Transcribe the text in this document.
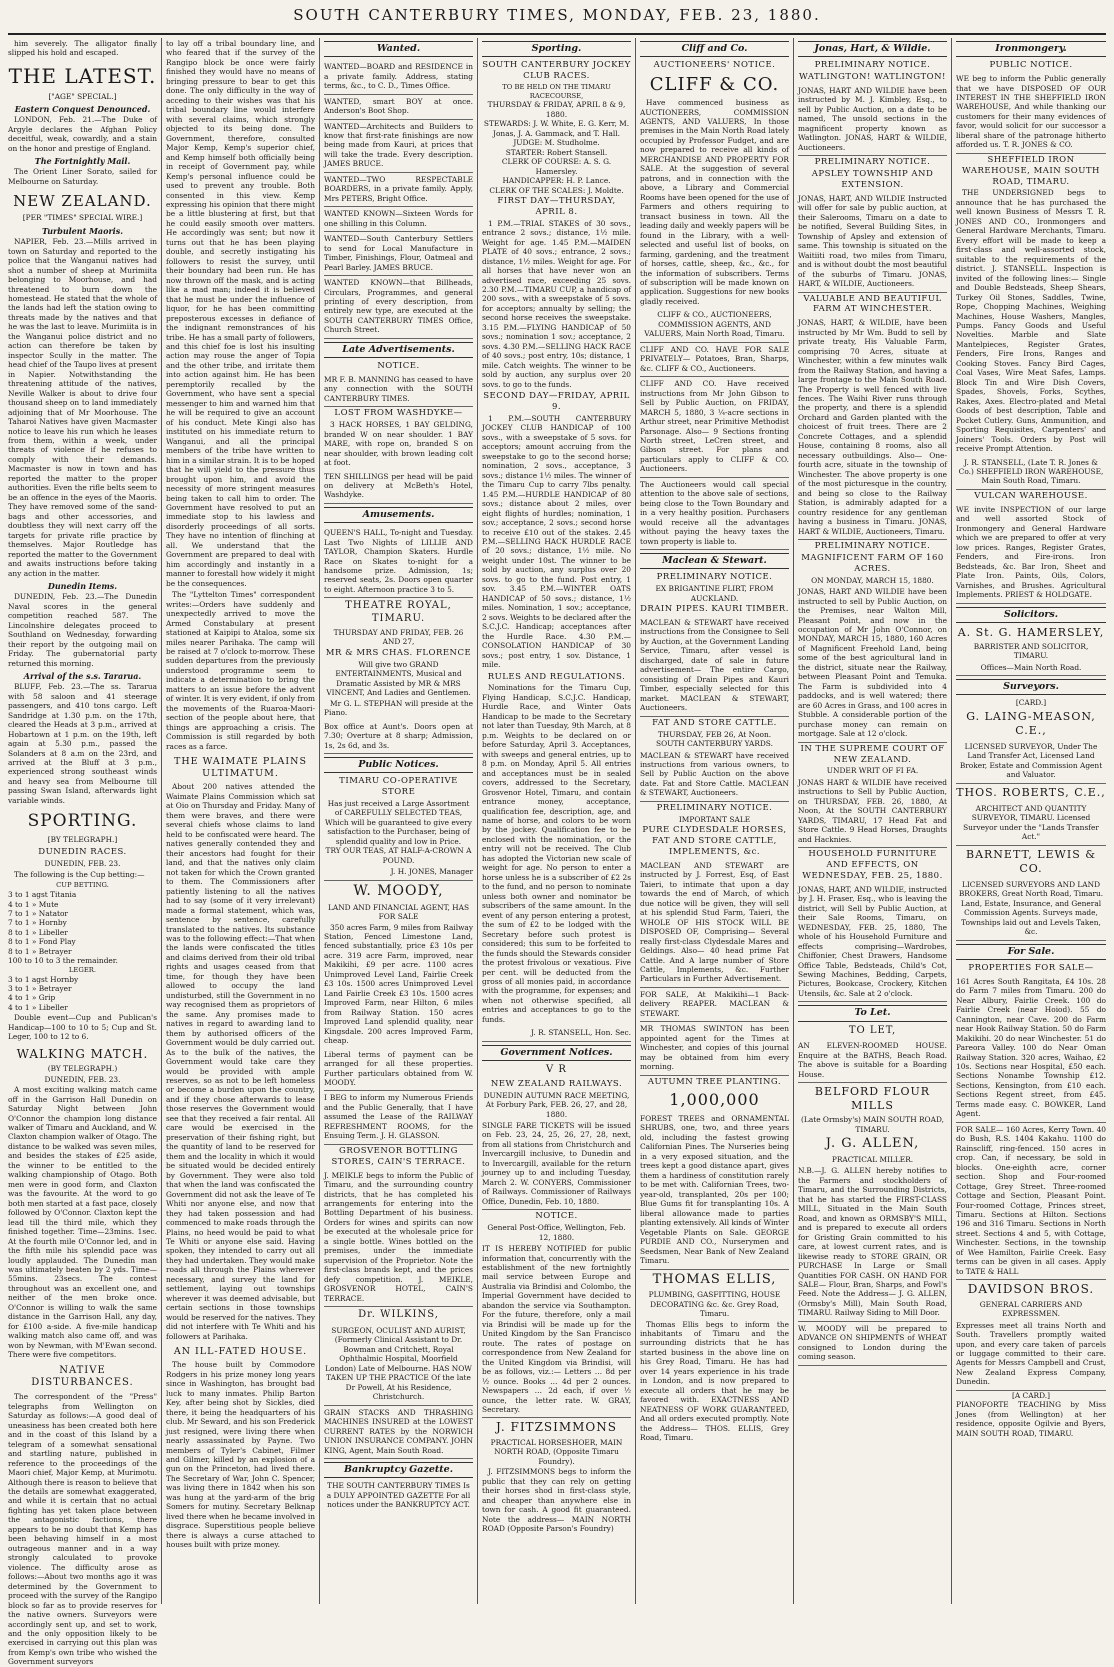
SOUTH CANTERBURY TIMES, MONDAY, FEB. 23, 1880.

him severely. The alligator finally slipped his hold and escaped.

THE LATEST.
["AGE" SPECIAL.]
Eastern Conquest Denounced.

LONDON, Feb. 21.—The Duke of Argyle declares the Afghan Policy deceitful, weak, cowardly, and a stain on the honor and prestige of England.

The Fortnightly Mail.

The Orient Liner Sorato, sailed for Melbourne on Saturday.

NEW ZEALAND.
[PER "TIMES" SPECIAL WIRE.]
Turbulent Maoris.

NAPIER, Feb. 23.—Mills arrived in town on Saturday and reported to the police that the Wanganui natives had shot a number of sheep at Murimiita belonging to Moorhouse, and had threatened to burn down the homestead. He stated that the whole of the lands had left the station owing to threats made by the natives and that he was the last to leave. Murimiita is in the Wanganui police district and no action can therefore be taken by inspector Scully in the matter. The head chief of the Taupo lives at present in Napier. Notwithstanding the threatening attitude of the natives, Neville Walker is about to drive four thousand sheep on to land immediately adjoining that of Mr Moorhouse. The Taharoi Natives have given Macmaster notice to leave his run which he leases from them, within a week, under threats of violence if he refuses to comply with their demands. Macmaster is now in town and has reported the matter to the proper authorities. Even the rifle belts seem to be an offence in the eyes of the Maoris. They have removed some of the sand-bags and other accessories, and doubtless they will next carry off the targets for private rifle practice by themselves. Major Routledge has reported the matter to the Government and awaits instructions before taking any action in the matter.

Dunedin Items.

DUNEDIN, Feb. 23.—The Dunedin Naval scores in the general competition reached 587. The Lincolnshire delegates proceed to Southland on Wednesday, forwarding their report by the outgoing mail on Friday. The gubernatorial party returned this morning.

Arrival of the s.s. Tararua.

BLUFF, Feb. 23.—The ss. Tararua with 58 saloon and 41 steerage passengers, and 410 tons cargo. Left Sandridge at 1.30 p.m. on the 17th, cleared the Heads at 3 p.m., arrived at Hobartown at 1 p.m. on the 19th, left again at 5.30 p.m., passed the Solanders at 8 a.m on the 23rd, and arrived at the Bluff at 3 p.m., experienced strong southeast winds and heavy sea from Melbourne till passing Swan Island, afterwards light variable winds.

SPORTING.
[BY TELEGRAPH.]
DUNEDIN RACES.
DUNEDIN, FEB. 23.

The following is the Cup betting:—

CUP BETTING.
3 to 1 agst Titania
4 to 1 » Mute
7 to 1 » Natator
7 to 1 » Hornby
8 to 1 » Libeller
8 to 1 » Fond Play
8 to 1 » Betrayer
100 to 10 to 3 the remainder.
LEGER.
3 to 1 agst Hornby
3 to 1 » Betrayer
4 to 1 » Grip
4 to 1 » Libeller

Double event—Cup and Publican's Handicap—100 to 10 to 5; Cup and St. Leger, 100 to 12 to 6.

WALKING MATCH.
(BY TELEGRAPH.)
DUNEDIN, FEB. 23.

A most exciting walking match came off in the Garrison Hall Dunedin on Saturday Night between John O'Connor the champion long distance walker of Timaru and Auckland, and W. Claxton champion walker of Otago. The distance to be walked was seven miles, and besides the stakes of £25 aside, the winner to be entitled to the walking championship of Otago. Both men were in good form, and Claxton was the favourite. At the word to go both men started at a fast pace, closely followed by O'Connor. Claxton kept the lead till the third mile, which they finished together. Time—23mins. 1sec. At the fourth mile O'Connor led, and in the fifth mile his splendid pace was loudly applauded. The Dunedin man was ultimately beaten by 2 yds. Time—55mins. 23secs. The contest throughout was an excellent one, and neither of the men broke once. O'Connor is willing to walk the same distance in the Garrison Hall, any day, for £100 a-side. A five-mile handicap walking match also came off, and was won by Newman, with M'Ewan second. There were five competitors.

NATIVE DISTURBANCES.

The correspondent of the "Press" telegraphs from Wellington on Saturday as follows:—A good deal of uneasiness has been created both here and in the coast of this Island by a telegram of a somewhat sensational and startling nature, published in reference to the proceedings of the Maori chief, Major Kemp, at Murimotu. Although there is reason to believe that the details are somewhat exaggerated, and while it is certain that no actual fighting has yet taken place between the antagonistic factions, there appears to be no doubt that Kemp has been behaving himself in a most outrageous manner and in a way strongly calculated to provoke violence. The difficulty arose as follows:—About two months ago it was determined by the Government to proceed with the survey of the Rangipo block so far as to provide reserves for the native owners. Surveyors were accordingly sent up, and set to work, and the only opposition likely to be exercised in carrying out this plan was from Kemp's own tribe who wished the Government surveyors

to lay off a tribal boundary line, and who feared that if the survey of the Rangipo block be once were fairly finished they would have no means of bringing pressure to bear to get this done. The only difficulty in the way of acceding to their wishes was that his tribal boundary line would interfere with several claims, which strongly objected to its being done. The Government, therefore, consulted Major Kemp, Kemp's superior chief, and Kemp himself both officially being in receipt of Government pay, while Kemp's personal influence could be used to prevent any trouble. Both consented in this view. Kemp expressing his opinion that there might be a little blustering at first, but that he could easily smooth over matters. He accordingly was sent; but now it turns out that he has been playing double, and secretly instigating his followers to resist the survey, until their boundary had been run. He has now thrown off the mask, and is acting like a mad man; indeed it is believed that he must be under the influence of liquor, for he has been committing preposterous excesses in defiance of the indignant remonstrances of his tribe. He has a small party of followers, and this chief foe is lost his insulting action may rouse the anger of Topia and the other tribe, and irritate them into action against him. He has been peremptorily recalled by the Government, who have sent a special messenger to him and warned him that he will be required to give an account of his conduct. Mete Kingi also has instituted on his immediate return to Wanganui, and all the principal members of the tribe have written to him in a similar strain. It is to be hoped that he will yield to the pressure thus brought upon him, and avoid the necessity of more stringent measures being taken to call him to order. The Government have resolved to put an immediate stop to his lawless and disorderly proceedings of all sorts. They have no intention of flinching at all. We understand that the Government are prepared to deal with him accordingly and instantly in a manner to forestall how widely it might be the consequences.

The "Lyttelton Times" correspondent writes:—Orders have suddenly and unexpectedly arrived to move the Armed Constabulary at present stationed at Kaipipi to Ataloa, some six miles nearer Parihaka. The camp will be raised at 7 o'clock to-morrow. These sudden departures from the previously understood programme seem to indicate a determination to bring the matters to an issue before the advent of winter. It is very evident, if only from the movements of the Ruaroa-Maori-section of the people about here, that things are approaching a crisis. The Commission is still regarded by both races as a farce.

THE WAIMATE PLAINS ULTIMATUM.

About 200 natives attended the Waimate Plains Commission which sat at Oio on Thursday and Friday. Many of them were braves, and there were several chiefs whose claims to land held to be confiscated were heard. The natives generally contended they and their ancestors had fought for their land, and that the natives only claim not taken for which the Crown granted to them. The Commissioners after patiently listening to all the natives had to say (some of it very irrelevant) made a formal statement, which was, sentence by sentence, carefully translated to the natives. Its substance was to the following effect:—That when the lands were confiscated the titles and claims derived from their old tribal rights and usages ceased from that time, for though they have been allowed to occupy the land undisturbed, still the Government in no way recognised them as proprietors of the same. Any promises made to natives in regard to awarding land to them by authorised officers of the Government would be duly carried out. As to the bulk of the natives, the Government would take care they would be provided with ample reserves, so as not to be left homeless or become a burden upon the country, and if they chose afterwards to lease those reserves the Government would see that they received a fair rental. All care would be exercised in the preservation of their fishing right, but the quantity of land to be reserved for them and the locality in which it would be situated would be decided entirely by Government. They were also told that when the land was confiscated the Government did not ask the leave of Te Whiti nor anyone else, and now that they had taken possession and had commenced to make roads through the Plains, no heed would be paid to what Te Whiti or anyone else said. Having spoken, they intended to carry out all they had undertaken. They would make roads all through the Plains wherever necessary, and survey the land for settlement, laying out townships wherever it was deemed advisable, but certain sections in those townships would be reserved for the natives. They did not interfere with Te Whiti and his followers at Parihaka.

AN ILL-FATED HOUSE.

The house built by Commodore Rodgers in his prize money long years since in Washington, has brought bad luck to many inmates. Philip Barton Key, after being shot by Sickles, died there, it being the headquarters of his club. Mr Seward, and his son Frederick just resigned, were living there when nearly assassinated by Payne. Two members of Tyler's Cabinet, Filmer and Gilmer, killed by an explosion of a gun on the Princeton, had lived there. The Secretary of War, John C. Spencer, was living there in 1842 when his son was hung at the yard-arm of the brig Somers for mutiny. Secretary Belknap lived there when he became involved in disgrace. Superstitious people believe there is always a curse attached to houses built with prize money.

Wanted.
WANTED—BOARD and RESIDENCE in a private family. Address, stating terms, &c., to C. D., Times Office.
WANTED, smart BOY at once. Anderson's Boot Shop.
WANTED—Architects and Builders to know that first-rate finishings are now being made from Kauri, at prices that will take the trade. Every description. JAMES BRUCE.
WANTED—TWO RESPECTABLE BOARDERS, in a private family. Apply, Mrs PETERS, Bright Office.
WANTED KNOWN—Sixteen Words for one shilling in this Column.
WANTED—South Canterbury Settlers to send for Local Manufacture in Timber, Finishings, Flour, Oatmeal and Pearl Barley. JAMES BRUCE.
WANTED KNOWN—that Billheads, Circulars, Programmes, and general printing of every description, from entirely new type, are executed at the SOUTH CANTERBURY TIMES Office, Church Street.
Late Advertisements.
NOTICE.
MR F. B. MANNING has ceased to have any connection with the SOUTH CANTERBURY TIMES.
LOST FROM WASHDYKE—

3 HACK HORSES, 1 BAY GELDING, branded W on near shoulder. 1 BAY MARE, with rope on, branded S on near shoulder, with brown leading colt at foot.

TEN SHILLINGS per head will be paid on delivery at McBeth's Hotel, Washdyke.
Amusements.
QUEEN'S HALL, To-night and Tuesday. Last Two Nights of LILLIE AND TAYLOR, Champion Skaters. Hurdle Race on Skates to-night for a handsome prize. Admission, 1s; reserved seats, 2s. Doors open quarter to eight. Afternoon practice 3 to 5.
THEATRE ROYAL, TIMARU.
THURSDAY AND FRIDAY, FEB. 26 AND 27,
MR & MRS CHAS. FLORENCE
Will give two GRAND ENTERTAINMENTS, Musical and Dramatic Assisted by MR & MRS VINCENT, And Ladies and Gentlemen.

Mr G. L. STEPHAN will preside at the Piano.

Box office at Aunt's. Doors open at 7.30; Overture at 8 sharp; Admission, 1s, 2s 6d, and 3s.
Public Notices.
TIMARU CO-OPERATIVE STORE
Has just received a Large Assortment of CAREFULLY SELECTED TEAS, Which will be guaranteed to give every satisfaction to the Purchaser, being of splendid quality and low in Price.
TRY OUR TEAS, AT HALF-A-CROWN A POUND.
J. H. JONES, Manager
W. MOODY,
LAND AND FINANCIAL AGENT, HAS FOR SALE

350 acres Farm, 9 miles from Railway Station, Fenced Limestone Land, fenced substantially, price £3 10s per acre. 319 acre Farm, improved, near Makikihi, £9 per acre. 1100 acres Unimproved Level Land, Fairlie Creek £3 10s. 1500 acres Unimproved Level Land Fairlie Creek £3 10s. 1500 acres Improved Farm, near Hilton, 6 miles from Railway Station. 150 acres Improved Land splendid quality, near Kingsdale. 200 acres Improved Farm, cheap.

Liberal terms of payment can be arranged for all these properties. Further particulars obtained from W. MOODY.
I BEG to inform my Numerous Friends and the Public Generally, that I have assumed the Lease of the RAILWAY REFRESHMENT ROOMS, for the Ensuing Term. J. H. GLASSON.
GROSVENOR BOTTLING STORES, CAIN'S TERRACE.
J. MEIKLE begs to inform the Public of Timaru, and the surrounding country districts, that he has completed his arrangements for entering into the Bottling Department of his business. Orders for wines and spirits can now be executed at the wholesale price for a single bottle. Wines bottled on the premises, under the immediate supervision of the Proprietor. Note the first-class brands kept, and the prices defy competition. J. MEIKLE, GROSVENOR HOTEL, CAIN'S TERRACE.
Dr. WILKINS,
SURGEON, OCULIST AND AURIST, (Formerly Clinical Assistant to Dr. Bowman and Critchett, Royal Ophthalmic Hospital, Moorfield London) Late of Melbourne. HAS NOW TAKEN UP THE PRACTICE Of the late Dr Powell, At his Residence, Christchurch.
GRAIN STACKS AND THRASHING MACHINES INSURED at the LOWEST CURRENT RATES by the NORWICH UNION INSURANCE COMPANY. JOHN KING, Agent, Main South Road.
Bankruptcy Gazette.
THE SOUTH CANTERBURY TIMES Is a DULY APPOINTED GAZETTE For all notices under the BANKRUPTCY ACT.
Sporting.
SOUTH CANTERBURY JOCKEY CLUB RACES.
TO BE HELD ON THE TIMARU RACECOURSE,
THURSDAY & FRIDAY, APRIL 8 & 9, 1880.
STEWARDS: J. W. White, E. G. Kerr, M. Jonas, J. A. Gammack, and T. Hall.
JUDGE: M. Studholme.
STARTER: Robert Stansell.
CLERK OF COURSE: A. S. G. Hamersley.
HANDICAPPER: H. P. Lance.
CLERK OF THE SCALES: J. Moldte.
FIRST DAY—THURSDAY, APRIL 8.

1 P.M.—TRIAL STAKES of 30 sovs., entrance 2 sovs.; distance, 1½ mile. Weight for age. 1.45 P.M.—MAIDEN PLATE of 40 sovs.; entrance, 2 sovs.; distance, 1½ miles. Weight for age. For all horses that have never won an advertised race, exceeding 25 sovs. 2.30 P.M.—TIMARU CUP, a handicap of 200 sovs., with a sweepstake of 5 sovs. for acceptors; annualty by selling; the second horse receives the sweepstake. 3.15 P.M.—FLYING HANDICAP of 50 sovs.; nomination 1 sov.; acceptance, 2 sovs. 4.30 P.M.—SELLING HACK RACE of 40 sovs.; post entry, 10s; distance, 1 mile. Catch weights. The winner to be sold by auction, any surplus over 20 sovs. to go to the funds.

SECOND DAY—FRIDAY, APRIL 9.

1 P.M.—SOUTH CANTERBURY JOCKEY CLUB HANDICAP of 100 sovs., with a sweepstake of 5 sovs. for acceptors; amount accruing from the sweepstake to go to the second horse; nomination, 2 sovs., acceptance, 3 sovs.; distance 1½ miles. The winner of the Timaru Cup to carry 7lbs penalty. 1.45 P.M.—HURDLE HANDICAP of 80 sovs.; distance about 2 miles, over eight flights of hurdles; nomination, 1 sov.; acceptance, 2 sovs.; second horse to receive £10 out of the stakes. 2.45 P.M.—SELLING HACK HURDLE RACE of 20 sovs.; distance, 1½ mile. No weight under 10st. The winner to be sold by auction, any surplus over 20 sovs. to go to the fund. Post entry, 1 sov. 3.45 P.M.—WINTER OATS HANDICAP of 50 sovs.; distance, 1½ miles. Nomination, 1 sov.; acceptance, 2 sovs. Weights to be declared after the S.C.J.C. Handicap; acceptances after the Hurdle Race. 4.30 P.M.—CONSOLATION HANDICAP of 30 sovs.; post entry, 1 sov. Distance, 1 mile.

RULES AND REGULATIONS.

Nominations for the Timaru Cup, Flying Handicap, S.C.J.C. Handicap, Hurdle Race, and Winter Oats Handicap to be made to the Secretary not later than Tuesday, 9th March, at 8 p.m. Weights to be declared on or before Saturday, April 3. Acceptances, with sweeps and general entries, up to 8 p.m. on Monday, April 5. All entries and acceptances must be in sealed covers, addressed to the Secretary, Grosvenor Hotel, Timaru, and contain entrance money, acceptance, qualification fee, description, age, and name of horse, and colors to be worn by the jockey. Qualification fee to be enclosed with the nomination, or the entry will not be received. The Club has adopted the Victorian new scale of weight for age. No person to enter a horse unless he is a subscriber of £2 2s to the fund, and no person to nominate unless both owner and nominator be subscribers of the same amount. In the event of any person entering a protest, the sum of £2 to be lodged with the Secretary before such protest is considered; this sum to be forfeited to the funds should the Stewards consider the protest frivolous or vexatious. Five per cent. will be deducted from the gross of all monies paid, in accordance with the programme, for expenses; and when not otherwise specified, all entries and acceptances to go to the funds.

J. R. STANSELL, Hon. Sec.
Government Notices.
V R
NEW ZEALAND RAILWAYS.
DUNEDIN AUTUMN RACE MEETING, At Forbury Park, FEB. 26, 27, and 28, 1880.
SINGLE FARE TICKETS will be issued on Feb. 23, 24, 25, 26, 27, 28, next, from all stations from Christchurch and Invercargill inclusive, to Dunedin and to Invercargill, available for the return journey up to and including Tuesday, March 2. W. CONYERS, Commissioner of Railways. Commissioner of Railways Office, Dunedin, Feb. 10, 1880.
NOTICE.
General Post-Office, Wellington, Feb. 12, 1880.
IT IS HEREBY NOTIFIED for public information that, concurrently with the establishment of the new fortnightly mail service between Europe and Australia via Brindisi and Colombo, the Imperial Government have decided to abandon the service via Southampton. For the future, therefore, only a mail via Brindisi will be made up for the United Kingdom by the San Francisco route. The rates of postage on correspondence from New Zealand for the United Kingdom via Brindisi, will be as follows, viz.:— Letters … 8d per ½ ounce. Books … 4d per 2 ounces. Newspapers … 2d each, if over ½ ounce, the letter rate. W. GRAY, Secretary.
J. FITZSIMMONS
PRACTICAL HORSESHOER, MAIN NORTH ROAD, (Opposite Timaru Foundry).

J. FITZSIMMONS begs to inform the public that they can rely on getting their horses shod in first-class style, and cheaper than anywhere else in town for cash. A good fit guaranteed. Note the address— MAIN NORTH ROAD (Opposite Parson's Foundry)

Cliff and Co.
AUCTIONEERS' NOTICE.
CLIFF & CO.

Have commenced business as AUCTIONEERS, COMMISSION AGENTS, AND VALUERS, In those premises in the Main North Road lately occupied by Professor Fudget, and are now prepared to receive all kinds of MERCHANDISE AND PROPERTY FOR SALE. At the suggestion of several patrons, and in connection with the above, a Library and Commercial Rooms have been opened for the use of Farmers and others requiring to transact business in town. All the leading daily and weekly papers will be found in the Library, with a well-selected and useful list of books, on farming, gardening, and the treatment of horses, cattle, sheep, &c., &c., for the information of subscribers. Terms of subscription will be made known on application. Suggestions for new books gladly received.

CLIFF & CO., AUCTIONEERS, COMMISSION AGENTS, AND VALUERS, Main North Road, Timaru.
CLIFF AND CO. HAVE FOR SALE PRIVATELY— Potatoes, Bran, Sharps, &c. CLIFF & CO., Auctioneers.
CLIFF AND CO. Have received instructions from Mr John Gibson to Sell by Public Auction, on FRIDAY, MARCH 5, 1880, 3 ¼-acre sections in Arthur street, near Primitive Methodist Parsonage. Also— 9 Sections fronting North street, LeCren street, and Gibson street. For plans and particulars apply to CLIFF & CO. Auctioneers.
The Auctioneers would call special attention to the above sale of sections, being close to the Town Boundary and in a very healthy position. Purchasers would receive all the advantages without paying the heavy taxes the town property is liable to.
Maclean & Stewart.
PRELIMINARY NOTICE.
EX BRIGANTINE FLIRT, FROM AUCKLAND.
DRAIN PIPES. KAURI TIMBER.
MACLEAN & STEWART have received instructions from the Consignee to Sell by Auction, at the Government Landing Service, Timaru, after vessel is discharged, date of sale in future advertisement— The entire Cargo, consisting of Drain Pipes and Kauri Timber, especially selected for this market. MACLEAN & STEWART, Auctioneers.
FAT AND STORE CATTLE.
THURSDAY, FEB 26, At Noon.
SOUTH CANTERBURY YARDS.
MACLEAN & STEWART have received instructions from various owners, to Sell by Public Auction on the above date. Fat and Store Cattle. MACLEAN & STEWART, Auctioneers.
PRELIMINARY NOTICE.
IMPORTANT SALE
PURE CLYDESDALE HORSES, FAT AND STORE CATTLE, IMPLEMENTS, &c.
MACLEAN AND STEWART are instructed by J. Forrest, Esq, of East Taieri, to intimate that upon a day towards the end of March, of which due notice will be given, they will sell at his splendid Stud Farm, Taieri, the WHOLE OF HIS STOCK WILL BE DISPOSED OF, Comprising— Several really first-class Clydesdale Mares and Geldings. Also— 40 head prime Fat Cattle. And A large number of Store Cattle, Implements, &c. Further Particulars in Further Advertisement.
FOR SALE, At Makikihi—1 Back-delivery REAPER. MACLEAN & STEWART.
MR THOMAS SWINTON has been appointed agent for the Times at Winchester, and copies of this journal may be obtained from him every morning.
AUTUMN TREE PLANTING.
1,000,000
FOREST TREES and ORNAMENTAL SHRUBS, one, two, and three years old, including the fastest growing Californian Pines. The Nurseries being in a very exposed situation, and the trees kept a good distance apart, gives them a hardiness of constitution rarely to be met with. Californian Trees, two-year-old, transplanted, 20s per 100; Blue Gums fit for transplanting 10s. A liberal allowance made to parties planting extensively. All kinds of Winter Vegetable Plants on Sale. GEORGE PURDIE AND CO., Nurserymen and Seedsmen, Near Bank of New Zealand Timaru.
THOMAS ELLIS,
PLUMBING, GASFITTING, HOUSE DECORATING &c. &c. Grey Road, Timaru.

Thomas Ellis begs to inform the inhabitants of Timaru and the surrounding districts that he has started business in the above line on his Grey Road, Timaru. He has had over 14 years experience in his trade in London, and is now prepared to execute all orders that he may be favored with. EXACTNESS AND NEATNESS OF WORK GUARANTEED, And all orders executed promptly. Note the Address— THOS. ELLIS, Grey Road, Timaru.

Jonas, Hart, & Wildie.
PRELIMINARY NOTICE.
WATLINGTON! WATLINGTON!
JONAS, HART AND WILDIE have been instructed by M. J. Kimbley, Esq., to sell by Public Auction, on a date to be named, The unsold sections in the magnificent property known as Watlington. JONAS, HART & WILDIE, Auctioneers.
PRELIMINARY NOTICE.
APSLEY TOWNSHIP AND EXTENSION.
JONAS, HART, AND WILDIE Instructed will offer for sale by public auction, at their Salerooms, Timaru on a date to be notified, Several Building Sites, in Township of Apsley and extension of same. This township is situated on the Waitiiti road, two miles from Timaru, and is without doubt the most beautiful of the suburbs of Timaru. JONAS, HART, & WILDIE, Auctioneers.
VALUABLE AND BEAUTIFUL FARM AT WINCHESTER.
JONAS, HART, & WILDIE, have been instructed by Mr Wm. Budd to sell by private treaty, His Valuable Farm, comprising 70 Acres, situate at Winchester, within a few minutes walk from the Railway Station, and having a large frontage to the Main South Road. The Property is well fenced with live fences. The Waihi River runs through the property, and there is a splendid Orchard and Garden planted with the choicest of fruit trees. There are 2 Concrete Cottages, and a splendid House, containing 8 rooms, also all necessary outbuildings. Also— One-fourth acre, situate in the township of Winchester. The above property is one of the most picturesque in the country, and being so close to the Railway Station, is admirably adapted for a country residence for any gentleman having a business in Timaru. JONAS, HART & WILDIE, Auctioneers, Timaru.
PRELIMINARY NOTICE.
MAGNIFICENT FARM OF 160 ACRES.
ON MONDAY, MARCH 15, 1880.
JONAS, HART AND WILDIE have been instructed to sell by Public Auction, on the Premises, near Walton Mill, Pleasant Point, and now in the occupation of Mr John O'Connor, on MONDAY, MARCH 15, 1880, 160 Acres of Magnificent Freehold Land, being some of the best agricultural land in the district, situate near the Railway, between Pleasant Point and Temuka. The Farm is subdivided into 4 paddocks, and is well watered; there are 60 Acres in Grass, and 100 acres in Stubble. A considerable portion of the purchase money can remain on mortgage. Sale at 12 o'clock.
IN THE SUPREME COURT OF NEW ZEALAND.
UNDER WRIT OF FI FA.
JONAS HART & WILDIE have received instructions to Sell by Public Auction, on THURSDAY, FEB. 26, 1880, At Noon, At the SOUTH CANTERBURY YARDS, TIMARU, 17 Head Fat and Store Cattle. 9 Head Horses, Draughts and Hacknies.
HOUSEHOLD FURNITURE AND EFFECTS, ON WEDNESDAY, FEB. 25, 1880.
JONAS, HART, AND WILDIE, instructed by J. H. Fraser, Esq., who is leaving the district, will Sell by Public Auction, at their Sale Rooms, Timaru, on WEDNESDAY, FEB. 25, 1880, The whole of his Household Furniture and effects comprising—Wardrobes, Chiffonier, Chest Drawers, Handsome Office Table, Bedsteads, Child's Cot, Sewing Machines, Bedding, Carpets, Pictures, Bookcase, Crockery, Kitchen Utensils, &c. Sale at 2 o'clock.
To Let.
TO LET,
AN ELEVEN-ROOMED HOUSE. Enquire at the BATHS, Beach Road. The above is suitable for a Boarding House.
BELFORD FLOUR MILLS
(Late Ormsby's) MAIN SOUTH ROAD, TIMARU.
J. G. ALLEN,
PRACTICAL MILLER.
N.B.—J. G. ALLEN hereby notifies to the Farmers and stockholders of Timaru, and the Surrounding Districts, that he has started the FIRST-CLASS MILL, Situated in the Main South Road, and known as ORMSBY'S MILL, and is prepared to execute all orders for Gristing Grain committed to his care, at lowest current rates, and is likewise ready to STORE GRAIN, OR PURCHASE In Large or Small Quantities FOR CASH. ON HAND FOR SALE— Flour, Bran, Sharps, and Fowl's Feed. Note the Address— J. G. ALLEN, (Ormsby's Mill), Main South Road, TIMARU. Railway Siding to Mill Door.
W. MOODY will be prepared to ADVANCE ON SHIPMENTS of WHEAT consigned to London during the coming season.
Ironmongery.
PUBLIC NOTICE.
WE beg to inform the Public generally that we have DISPOSED OF OUR INTEREST IN THE SHEFFIELD IRON WAREHOUSE, And while thanking our customers for their many evidences of favor, would solicit for our successor a liberal share of the patronage hitherto afforded us. T. R. JONES & CO.
SHEFFIELD IRON WAREHOUSE, MAIN SOUTH ROAD, TIMARU.

THE UNDERSIGNED begs to announce that he has purchased the well known Business of Messrs T. R. JONES AND CO., Ironmongers and General Hardware Merchants, Timaru. Every effort will be made to keep a first-class and well-assorted stock, suitable to the requirements of the district. J. STANSELL. Inspection is invited of the following lines:— Single and Double Bedsteads, Sheep Shears, Turkey Oil Stones, Saddles, Twine, Rope, Chopping Machines, Weighing Machines, House Washers, Mangles, Pumps. Fancy Goods and Useful Novelties. Marble and Slate Mantelpieces, Register Grates, Fenders, Fire Irons, Ranges and Cooking Stoves. Fancy Bird Cages, Coal Vases, Wire Meat Safes, Lamps. Block Tin and Wire Dish Covers, Spades, Shovels, Forks, Scythes, Rakes, Axes. Electro-plated and Metal Goods of best description, Table and Pocket Cutlery. Guns, Ammunition, and Sporting Requisites, Carpenters' and Joiners' Tools. Orders by Post will receive Prompt Attention.

J. R. STANSELL, (Late T. R. Jones & Co.) SHEFFIELD IRON WAREHOUSE, Main South Road, Timaru.
VULCAN WAREHOUSE.
WE invite INSPECTION of our large and well assorted Stock of Ironmongery and General Hardware which we are prepared to offer at very low prices. Ranges, Register Grates, Fenders, and Fire-irons. Iron Bedsteads, &c. Bar Iron, Sheet and Plate Iron. Paints, Oils, Colors, Varnishes, and Brushes. Agricultural Implements. PRIEST & HOLDGATE.
Solicitors.
A. St. G. HAMERSLEY,
BARRISTER AND SOLICITOR, TIMARU.
Offices—Main North Road.
Surveyors.
[CARD.]
G. LAING-MEASON, C.E.,
LICENSED SURVEYOR, Under The Land Transfer Act, Licensed Land Broker, Estate and Commission Agent and Valuator.
THOS. ROBERTS, C.E.,
ARCHITECT AND QUANTITY SURVEYOR, TIMARU. Licensed Surveyor under the "Lands Transfer Act."
BARNETT, LEWIS & CO.
LICENSED SURVEYORS AND LAND BROKERS, Great North Road, Timaru. Land, Estate, Insurance, and General Commission Agents. Surveys made, Townships laid out and Levels Taken, &c.
For Sale.
PROPERTIES FOR SALE—
161 Acres South Rangitata, £4 10s. 28 do Farm 7 miles from Timaru. 200 do Near Albury, Fairlie Creek. 100 do Fairlie Creek (near Hoiod). 55 do Cannington, near Cave. 200 do Farm near Hook Railway Station. 50 do Farm Makikihi. 20 do near Winchester. 51 do Pareora Valley. 100 do Near Oman Railway Station. 320 acres, Waihao, £2 10s. Sections near Hospital, £50 each. Sections Nonambe Township £12. Sections, Kensington, from £10 each. Sections Regent street, from £45. Terms made easy. C. BOWKER, Land Agent.
FOR SALE— 160 Acres, Kerry Town. 40 do Bush, R.S. 1404 Kakahu. 1100 do Rainscliff, ring-fenced. 150 acres in crop. Can, if necessary, be sold in blocks. One-eighth acre, corner section. Shop and Four-roomed Cottage, Grey Street. Three-roomed Cottage and Section, Pleasant Point. Four-roomed Cottage, Princes street, Timaru. Sections at Hilton. Sections 196 and 316 Timaru. Sections in North street. Sections 4 and 5, with Cottage, Winchester. Sections, in the township of Wee Hamilton, Fairlie Creek. Easy terms can be given in all cases. Apply to TATE & HALL
DAVIDSON BROS.
GENERAL CARRIERS AND EXPRESSMEN.
Expresses meet all trains North and South. Travellers promptly waited upon, and every care taken of parcels or luggage committed to their care. Agents for Messrs Campbell and Crust, New Zealand Express Company, Dunedin.
[A CARD.]
PIANOFORTE TEACHING by Miss Jones (from Wellington) at her residence, opposite Ogilvie and Byers, MAIN SOUTH ROAD, TIMARU.
